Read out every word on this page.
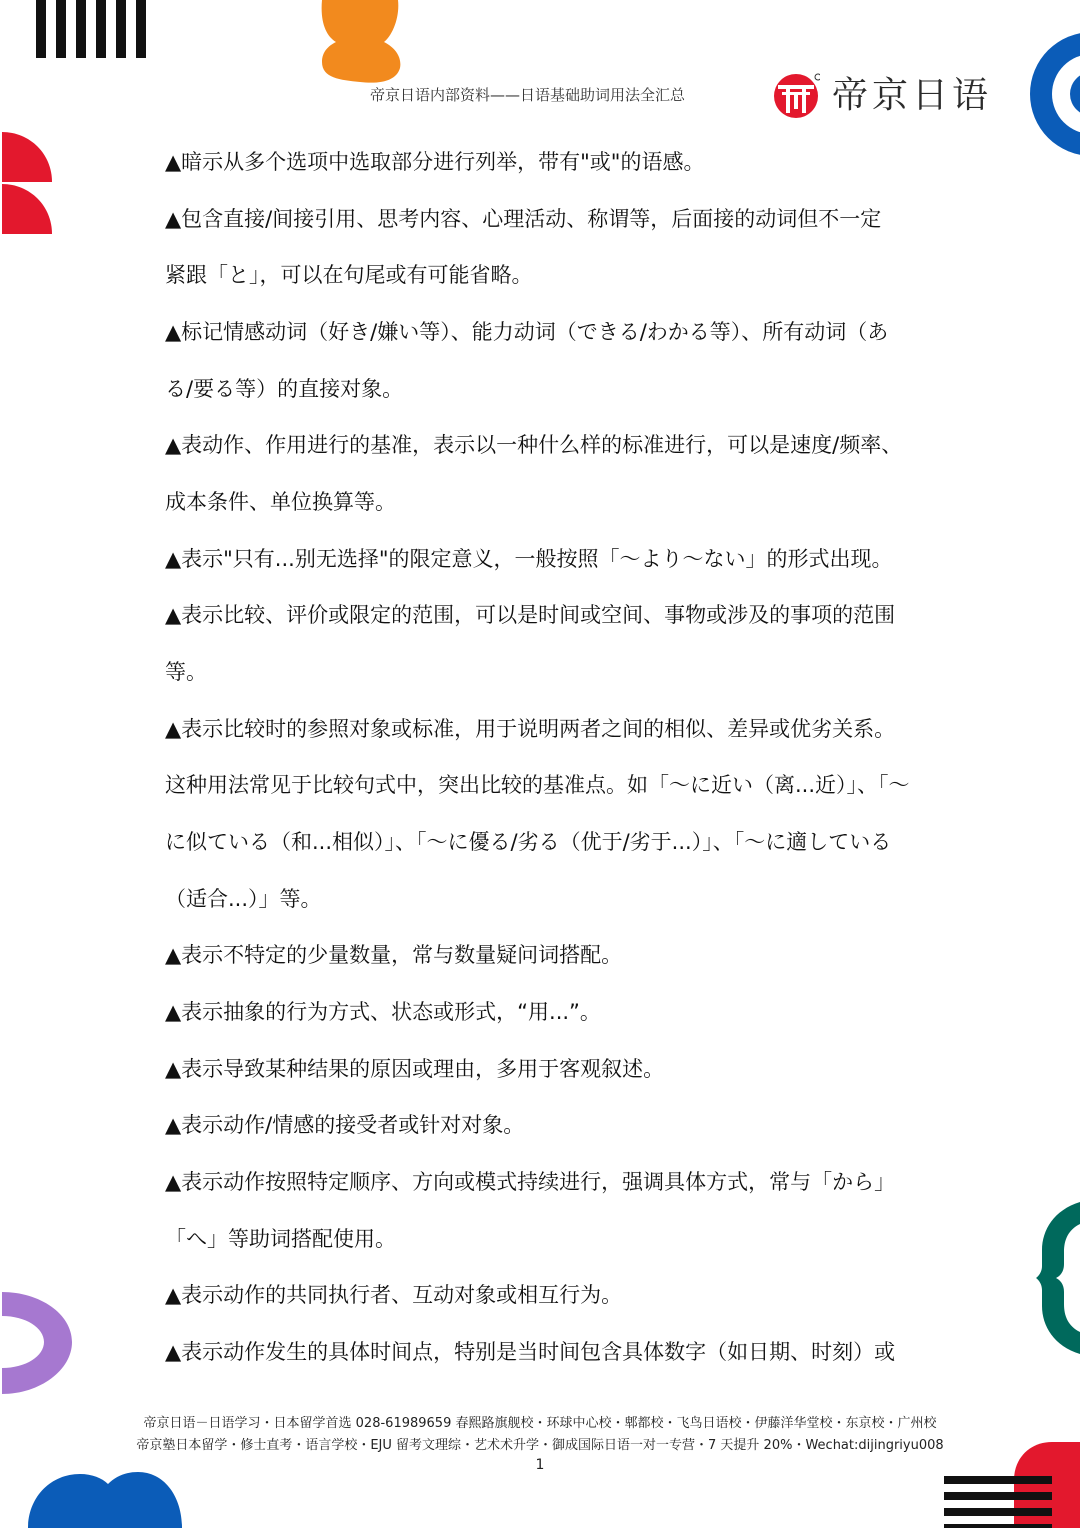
帝京日语内部资料——日语基础助词用法全汇总	帝京日语
▲暗示从多个选项中选取部分进行列举，带有"或"的语感。
▲包含直接/间接引用、思考内容、心理活动、称谓等，后面接的动词但不一定
紧跟「と」，可以在句尾或有可能省略。
▲标记情感动词（好き/嫌い等）、能力动词（できる/わかる等）、所有动词（あ
る/要る等）的直接对象。
▲表动作、作用进行的基准，表示以一种什么样的标准进行，可以是速度/频率、
成本条件、单位换算等。
▲表示"只有...别无选择"的限定意义，一般按照「～より～ない」的形式出现。
▲表示比较、评价或限定的范围，可以是时间或空间、事物或涉及的事项的范围
等。
▲表示比较时的参照对象或标准，用于说明两者之间的相似、差异或优劣关系。
这种用法常见于比较句式中，突出比较的基准点。如「～に近い（离...近）」、「～
に似ている（和...相似）」、「～に優る/劣る（优于/劣于...）」、「～に適している
（适合...）」等。
▲表示不特定的少量数量，常与数量疑问词搭配。
▲表示抽象的行为方式、状态或形式，“用...”。
▲表示导致某种结果的原因或理由，多用于客观叙述。
▲表示动作/情感的接受者或针对对象。
▲表示动作按照特定顺序、方向或模式持续进行，强调具体方式，常与「から」
「へ」等助词搭配使用。
▲表示动作的共同执行者、互动对象或相互行为。
▲表示动作发生的具体时间点，特别是当时间包含具体数字（如日期、时刻）或
帝京日语－日语学习・日本留学首选 028-61989659 春熙路旗舰校・环球中心校・郫都校・飞鸟日语校・伊藤洋华堂校・东京校・广州校
帝京塾日本留学・修士直考・语言学校・EJU 留考文理综・艺术术升学・御成国际日语一对一专营・7 天提升 20%・Wechat:dijingriyu008
1
